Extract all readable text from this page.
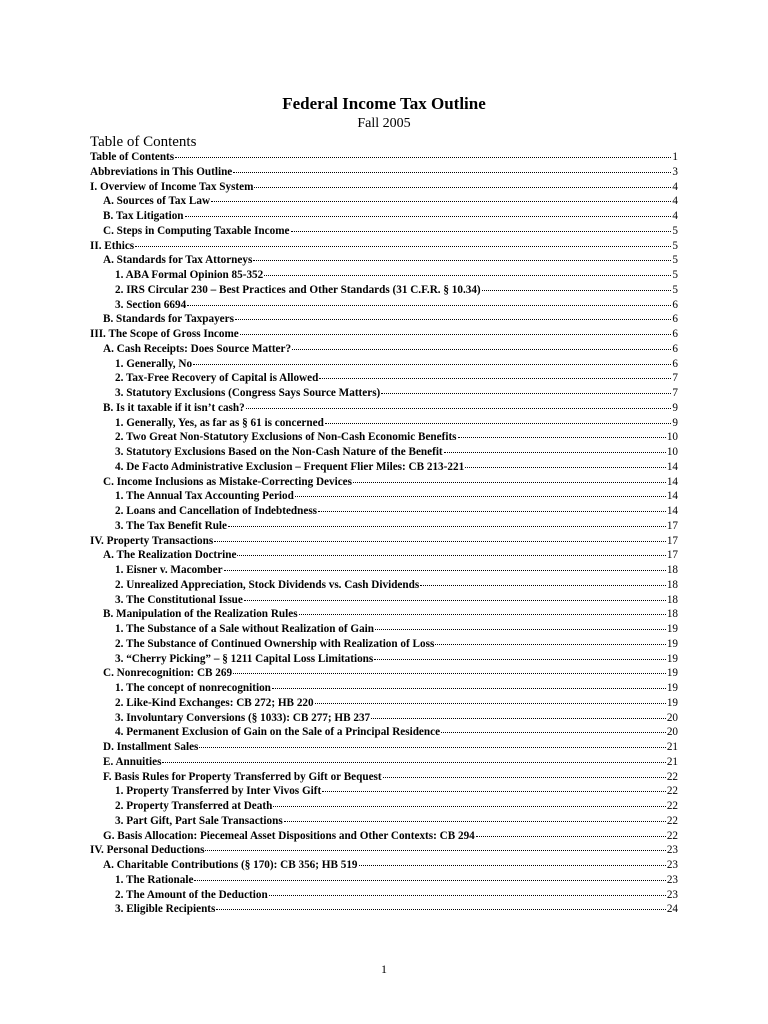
Federal Income Tax Outline
Fall 2005
Table of Contents
Table of Contents	1
Abbreviations in This Outline	3
I. Overview of Income Tax System	4
A. Sources of Tax Law	4
B. Tax Litigation	4
C. Steps in Computing Taxable Income	5
II. Ethics	5
A. Standards for Tax Attorneys	5
1. ABA Formal Opinion 85-352	5
2. IRS Circular 230 – Best Practices and Other Standards (31 C.F.R. § 10.34)	5
3. Section 6694	6
B. Standards for Taxpayers	6
III. The Scope of Gross Income	6
A. Cash Receipts: Does Source Matter?	6
1. Generally, No	6
2. Tax-Free Recovery of Capital is Allowed	7
3. Statutory Exclusions (Congress Says Source Matters)	7
B. Is it taxable if it isn’t cash?	9
1. Generally, Yes, as far as § 61 is concerned	9
2. Two Great Non-Statutory Exclusions of Non-Cash Economic Benefits	10
3. Statutory Exclusions Based on the Non-Cash Nature of the Benefit	10
4. De Facto Administrative Exclusion – Frequent Flier Miles: CB 213-221	14
C. Income Inclusions as Mistake-Correcting Devices	14
1. The Annual Tax Accounting Period	14
2. Loans and Cancellation of Indebtedness	14
3. The Tax Benefit Rule	17
IV. Property Transactions	17
A. The Realization Doctrine	17
1. Eisner v. Macomber	18
2. Unrealized Appreciation, Stock Dividends vs. Cash Dividends	18
3. The Constitutional Issue	18
B. Manipulation of the Realization Rules	18
1. The Substance of a Sale without Realization of Gain	19
2. The Substance of Continued Ownership with Realization of Loss	19
3. “Cherry Picking” – § 1211 Capital Loss Limitations	19
C. Nonrecognition: CB 269	19
1. The concept of nonrecognition	19
2. Like-Kind Exchanges: CB 272; HB 220	19
3. Involuntary Conversions (§ 1033): CB 277; HB 237	20
4. Permanent Exclusion of Gain on the Sale of a Principal Residence	20
D. Installment Sales	21
E. Annuities	21
F. Basis Rules for Property Transferred by Gift or Bequest	22
1. Property Transferred by Inter Vivos Gift	22
2. Property Transferred at Death	22
3. Part Gift, Part Sale Transactions	22
G. Basis Allocation: Piecemeal Asset Dispositions and Other Contexts: CB 294	22
IV. Personal Deductions	23
A. Charitable Contributions (§ 170): CB 356; HB 519	23
1. The Rationale	23
2. The Amount of the Deduction	23
3. Eligible Recipients	24
1
